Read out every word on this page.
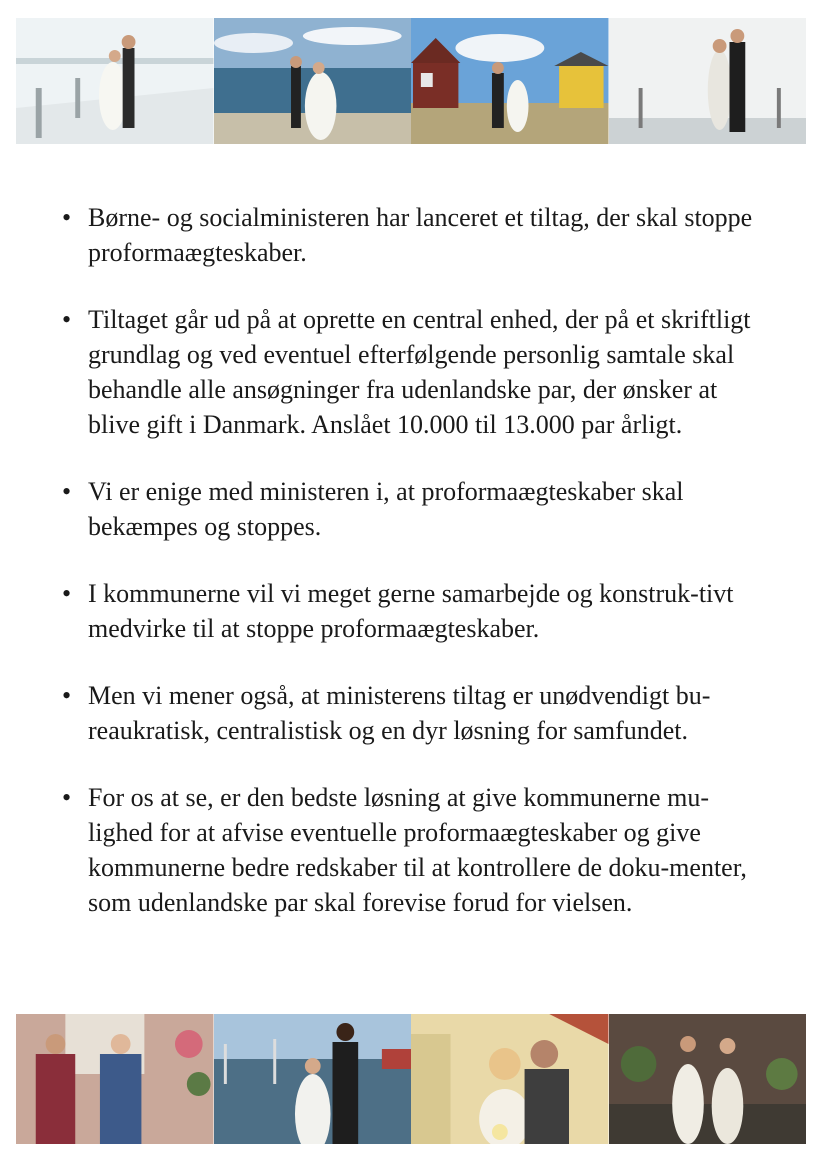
• Børne- og socialministeren har lanceret et tiltag, der skal stoppe proformaægteskaber.
• Tiltaget går ud på at oprette en central enhed, der på et skriftligt grundlag og ved eventuel efterfølgende personlig samtale skal behandle alle ansøgninger fra udenlandske par, der ønsker at blive gift i Danmark. Anslået 10.000 til 13.000 par årligt.
• Vi er enige med ministeren i, at proformaægteskaber skal bekæmpes og stoppes.
• I kommunerne vil vi meget gerne samarbejde og konstruk-tivt medvirke til at stoppe proformaægteskaber.
• Men vi mener også, at ministerens tiltag er unødvendigt bu-reaukratisk, centralistisk og en dyr løsning for samfundet.
• For os at se, er den bedste løsning at give kommunerne mu-lighed for at afvise eventuelle proformaægteskaber og give kommunerne bedre redskaber til at kontrollere de doku-menter, som udenlandske par skal forevise forud for vielsen.
